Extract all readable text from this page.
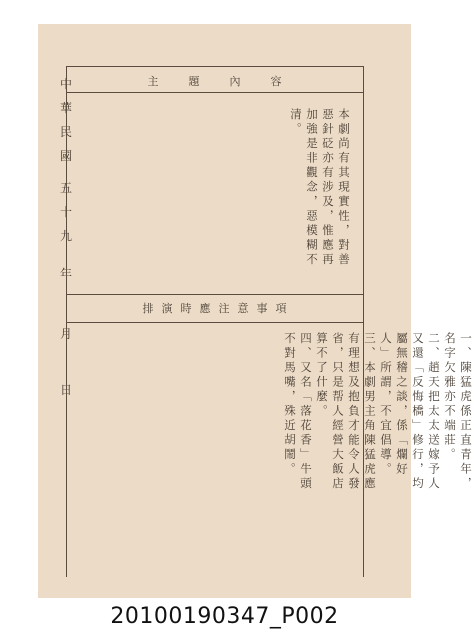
中
華
民
國
五
十
九
年
月
日
主題內容
排演時應注意事項
本劇尚有其現實性，對善惡針砭亦有涉及，惟應再加強是非觀念，惡模糊不清。
一、陳猛虎係正直青年，名字欠雅亦不端莊。
二、趙天把太太送嫁予人又還「反悔橋」修行，均屬無稽之談，係「爛好人」所謂，不宜倡導。
三、本劇男主角陳猛虎應有理想及抱負才能令人發省，只是帮人經營大飯店算不了什麼。
四、又名「落花香」牛頭不對馬嘴，殊近胡鬧。
20100190347_P002
